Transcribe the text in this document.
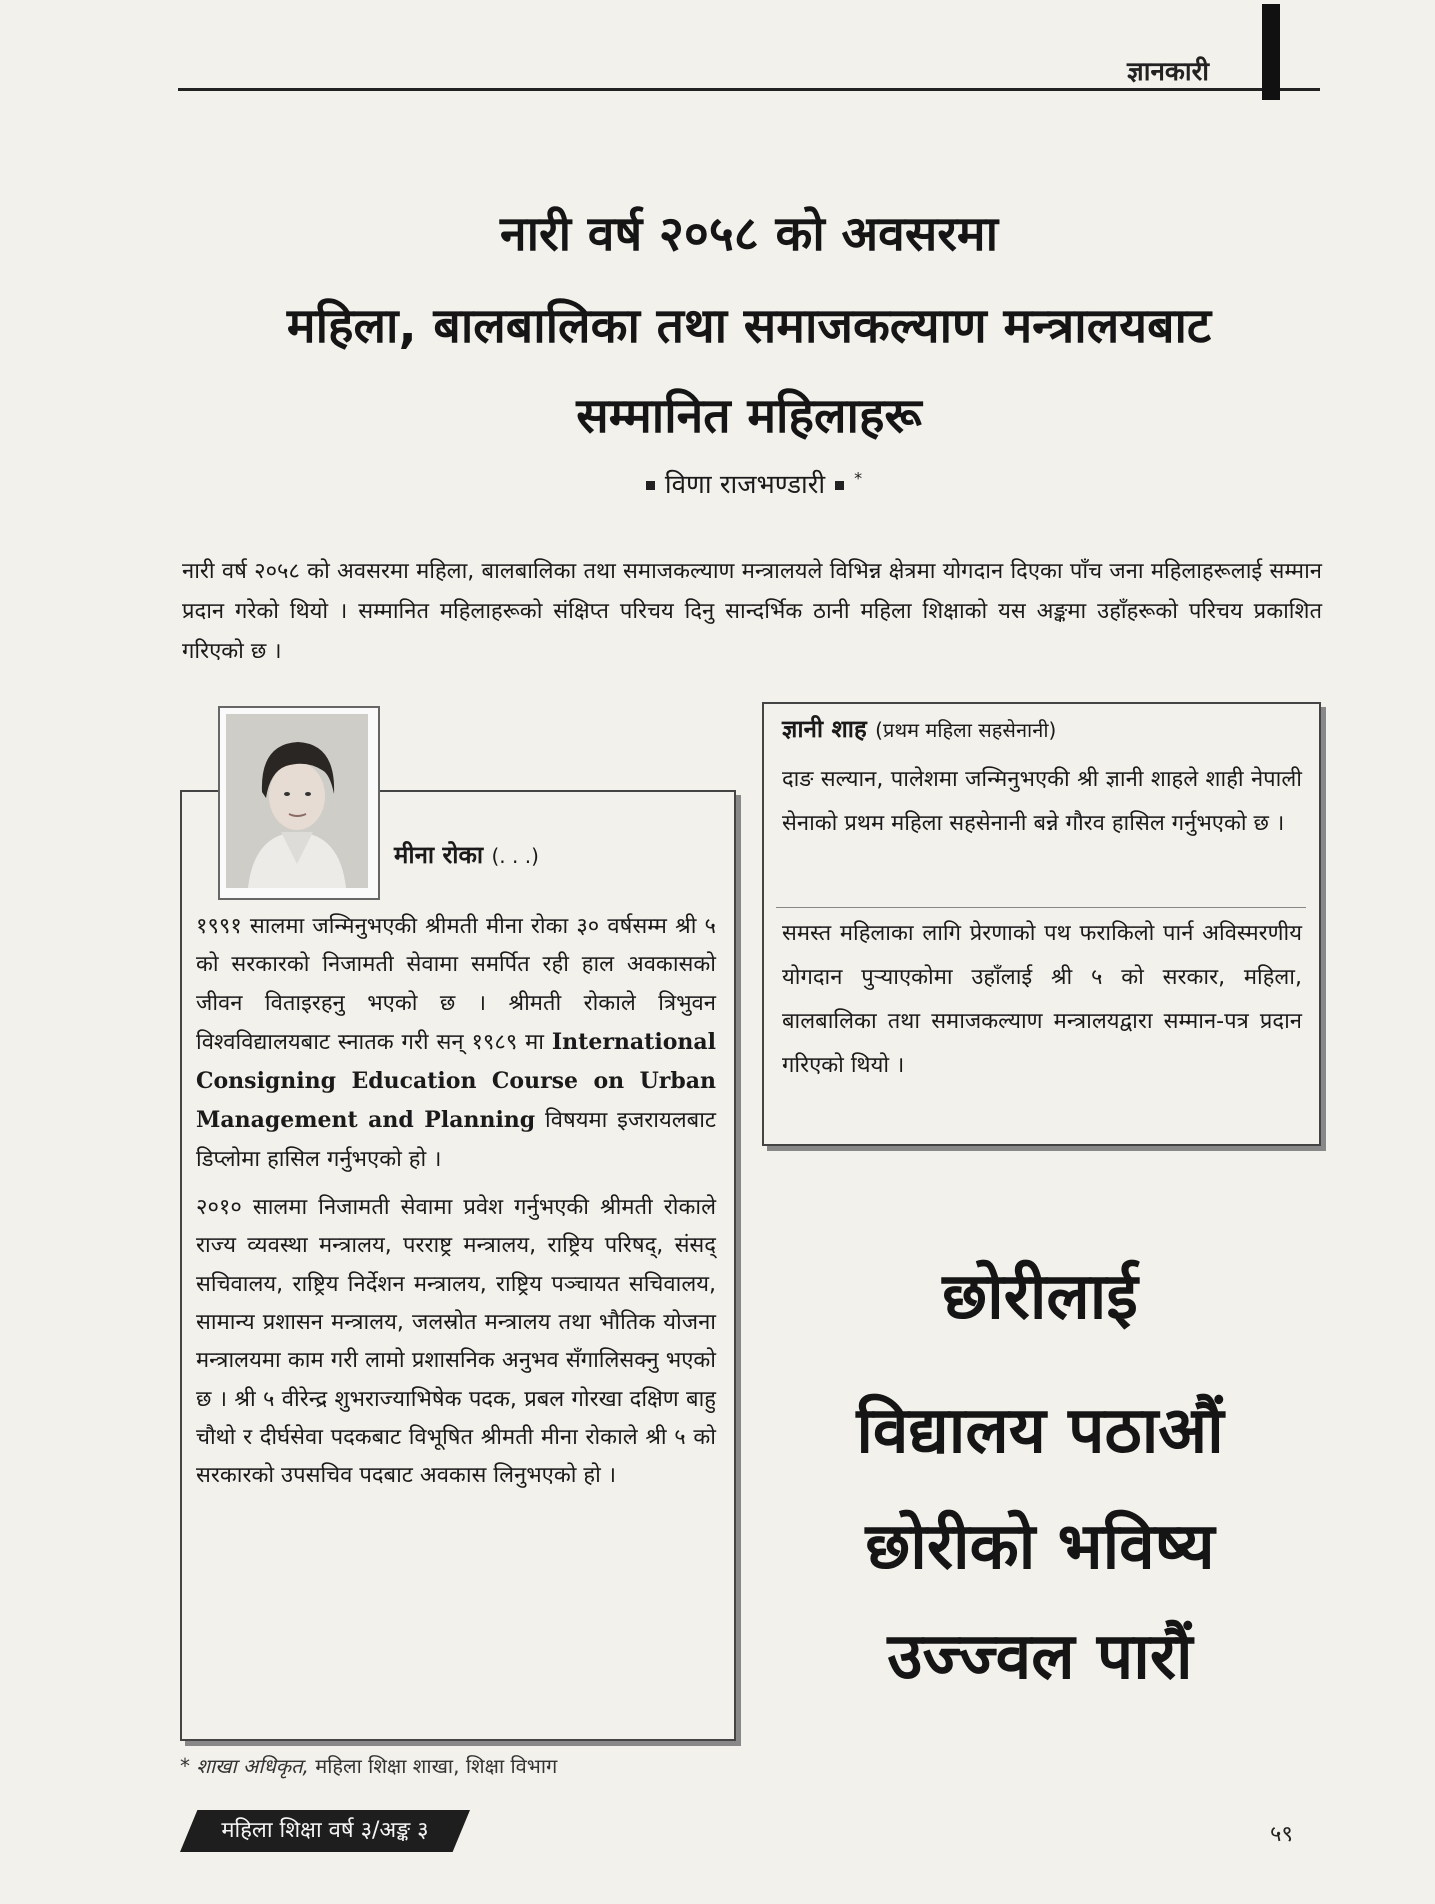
ज्ञानकारी
नारी वर्ष २०५८ को अवसरमा
महिला, बालबालिका तथा समाजकल्याण मन्त्रालयबाट
सम्मानित महिलाहरू
विणा राजभण्डारी *
नारी वर्ष २०५८ को अवसरमा महिला, बालबालिका तथा समाजकल्याण मन्त्रालयले विभिन्न क्षेत्रमा योगदान दिएका पाँच जना महिलाहरूलाई सम्मान प्रदान गरेको थियो । सम्मानित महिलाहरूको संक्षिप्त परिचय दिनु सान्दर्भिक ठानी महिला शिक्षाको यस अङ्कमा उहाँहरूको परिचय प्रकाशित गरिएको छ ।
मीना रोका (. . .)

१९९१ सालमा जन्मिनुभएकी श्रीमती मीना रोका ३० वर्षसम्म श्री ५ को सरकारको निजामती सेवामा समर्पित रही हाल अवकासको जीवन विताइरहनु भएको छ । श्रीमती रोकाले त्रिभुवन विश्वविद्यालयबाट स्नातक गरी सन् १९८९ मा International Consigning Education Course on Urban Management and Planning विषयमा इजरायलबाट डिप्लोमा हासिल गर्नुभएको हो ।

२०१० सालमा निजामती सेवामा प्रवेश गर्नुभएकी श्रीमती रोकाले राज्य व्यवस्था मन्त्रालय, परराष्ट्र मन्त्रालय, राष्ट्रिय परिषद्, संसद् सचिवालय, राष्ट्रिय निर्देशन मन्त्रालय, राष्ट्रिय पञ्चायत सचिवालय, सामान्य प्रशासन मन्त्रालय, जलस्रोत मन्त्रालय तथा भौतिक योजना मन्त्रालयमा काम गरी लामो प्रशासनिक अनुभव सँगालिसक्नु भएको छ । श्री ५ वीरेन्द्र शुभराज्याभिषेक पदक, प्रबल गोरखा दक्षिण बाहु चौथो र दीर्घसेवा पदकबाट विभूषित श्रीमती मीना रोकाले श्री ५ को सरकारको उपसचिव पदबाट अवकास लिनुभएको हो ।

ज्ञानी शाह (प्रथम महिला सहसेनानी)
दाङ सल्यान, पालेशमा जन्मिनुभएकी श्री ज्ञानी शाहले शाही नेपाली सेनाको प्रथम महिला सहसेनानी बन्ने गौरव हासिल गर्नुभएको छ ।
समस्त महिलाका लागि प्रेरणाको पथ फराकिलो पार्न अविस्मरणीय योगदान पुऱ्याएकोमा उहाँलाई श्री ५ को सरकार, महिला, बालबालिका तथा समाजकल्याण मन्त्रालयद्वारा सम्मान-पत्र प्रदान गरिएको थियो ।
छोरीलाई
विद्यालय पठाऔं
छोरीको भविष्य
उज्ज्वल पारौं
* शाखा अधिकृत, महिला शिक्षा शाखा, शिक्षा विभाग
महिला शिक्षा वर्ष ३/अङ्क ३	५९
